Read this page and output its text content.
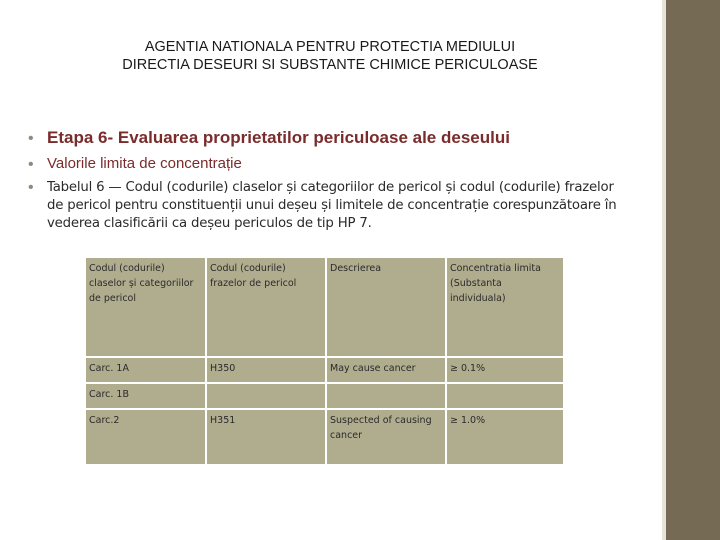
AGENTIA NATIONALA PENTRU PROTECTIA MEDIULUI
DIRECTIA DESEURI SI SUBSTANTE CHIMICE PERICULOASE
• Etapa 6- Evaluarea proprietatilor periculoase ale deseului
• Valorile limita de concentrație
• Tabelul 6 — Codul (codurile) claselor și categoriilor de pericol și codul (codurile) frazelor de pericol pentru constituenții unui deșeu și limitele de concentrație corespunzătoare în vederea clasificării ca deșeu periculos de tip HP 7.
Codul (codurile) claselor și categoriilor de pericol	Codul (codurile) frazelor de pericol	Descrierea	Concentratia limita (Substanta individuala)
Carc. 1A	H350	May cause cancer	≥ 0.1%
Carc. 1B			
Carc.2	H351	Suspected of causing cancer	≥ 1.0%
